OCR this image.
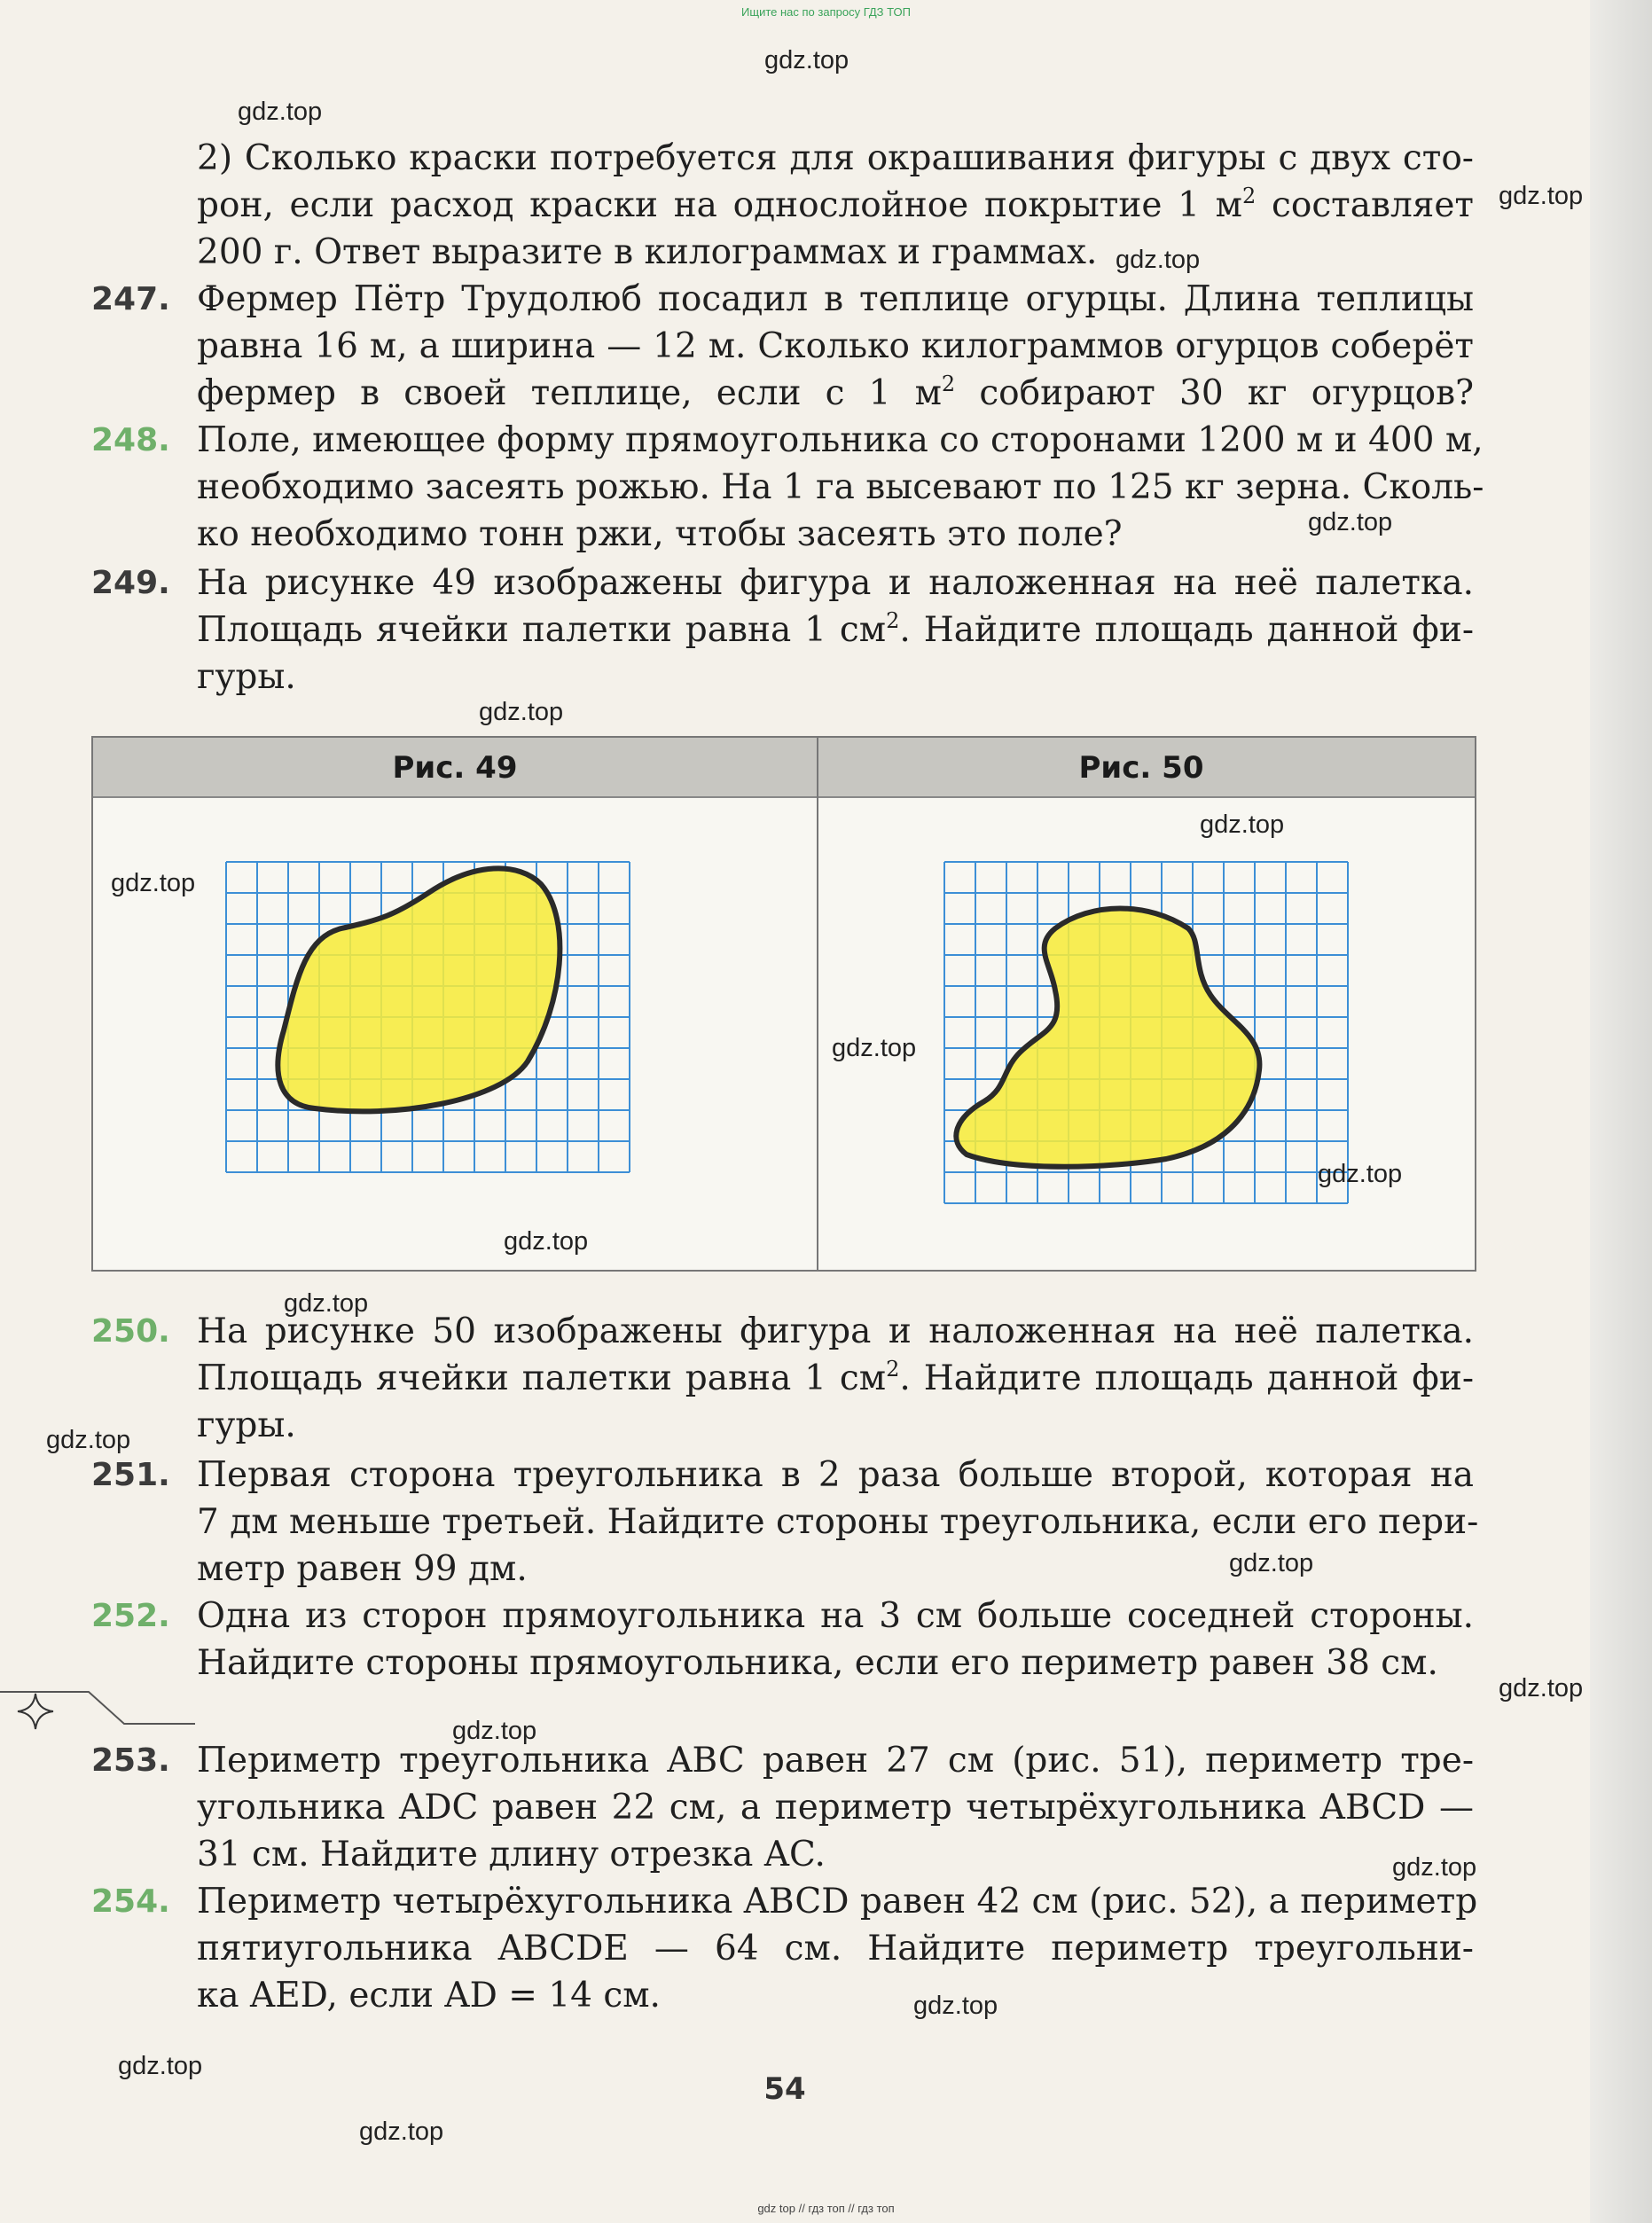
Ищите нас по запросу ГДЗ ТОП
2) Сколько краски потребуется для окрашивания фигуры с двух сто-
рон, если расход краски на однослойное покрытие 1 $м^2$ составляет
200 г. Ответ выразите в килограммах и граммах.
247. Фермер Пётр Трудолюб посадил в теплице огурцы. Длина теплицы
равна 16 м, а ширина — 12 м. Сколько килограммов огурцов соберёт
фермер в своей теплице, если с 1 $м^2$ собирают 30 кг огурцов?
248. Поле, имеющее форму прямоугольника со сторонами 1200 м и 400 м,
необходимо засеять рожью. На 1 га высевают по 125 кг зерна. Сколь-
ко необходимо тонн ржи, чтобы засеять это поле?
249. На рисунке 49 изображены фигура и наложенная на неё палетка.
Площадь ячейки палетки равна 1 $см^2$. Найдите площадь данной фи-
гуры.
Рис. 49	Рис. 50
250. На рисунке 50 изображены фигура и наложенная на неё палетка.
Площадь ячейки палетки равна 1 $см^2$. Найдите площадь данной фи-
гуры.
251. Первая сторона треугольника в 2 раза больше второй, которая на
7 дм меньше третьей. Найдите стороны треугольника, если его пери-
метр равен 99 дм.
252. Одна из сторон прямоугольника на 3 см больше соседней стороны.
Найдите стороны прямоугольника, если его периметр равен 38 см.
253. Периметр треугольника ABC равен 27 см (рис. 51), периметр тре-
угольника ADC равен 22 см, а периметр четырёхугольника ABCD —
31 см. Найдите длину отрезка AC.
254. Периметр четырёхугольника ABCD равен 42 см (рис. 52), а периметр
пятиугольника ABCDE — 64 см. Найдите периметр треугольни-
ка AED, если AD = 14 см.
54
gdz.top
gdz.top
gdz.top
gdz.top
gdz.top
gdz.top
gdz.top
gdz.top
gdz.top
gdz.top
gdz.top
gdz.top
gdz.top
gdz.top
gdz.top
gdz.top
gdz.top
gdz.top
gdz.top
gdz.top
gdz top // гдз топ // гдз топ
